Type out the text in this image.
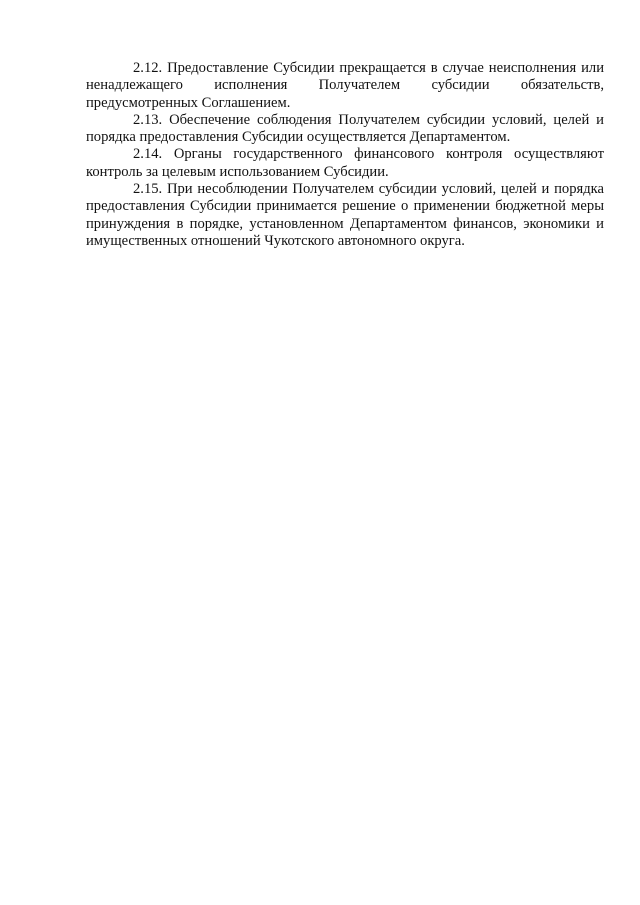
2.12. Предоставление Субсидии прекращается в случае неисполнения или ненадлежащего исполнения Получателем субсидии обязательств, предусмотренных Соглашением.

2.13. Обеспечение соблюдения Получателем субсидии условий, целей и порядка предоставления Субсидии осуществляется Департаментом.

2.14. Органы государственного финансового контроля осуществляют контроль за целевым использованием Субсидии.

2.15. При несоблюдении Получателем субсидии условий, целей и порядка предоставления Субсидии принимается решение о применении бюджетной меры принуждения в порядке, установленном Департаментом финансов, экономики и имущественных отношений Чукотского автономного округа.
